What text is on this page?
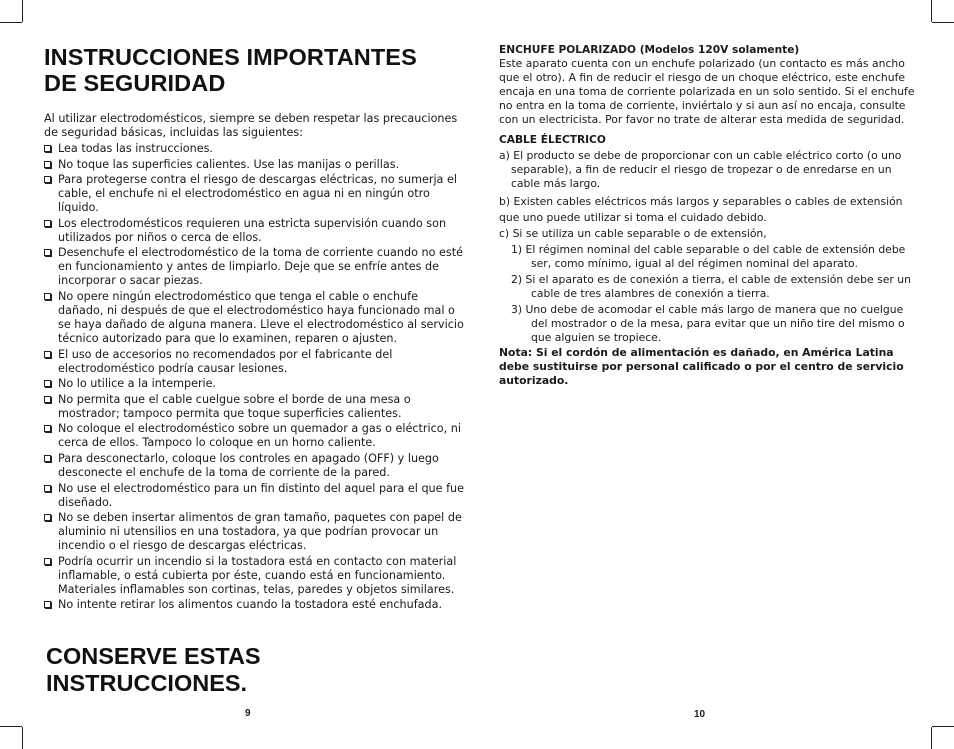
INSTRUCCIONES IMPORTANTES DE SEGURIDAD

Al utilizar electrodomésticos, siempre se deben respetar las precauciones de seguridad básicas, incluidas las siguientes:

Lea todas las instrucciones.
No toque las superficies calientes. Use las manijas o perillas.
Para protegerse contra el riesgo de descargas eléctricas, no sumerja el cable, el enchufe ni el electrodoméstico en agua ni en ningún otro líquido.
Los electrodomésticos requieren una estricta supervisión cuando son utilizados por niños o cerca de ellos.
Desenchufe el electrodoméstico de la toma de corriente cuando no esté en funcionamiento y antes de limpiarlo. Deje que se enfríe antes de incorporar o sacar piezas.
No opere ningún electrodoméstico que tenga el cable o enchufe dañado, ni después de que el electrodoméstico haya funcionado mal o se haya dañado de alguna manera. Lleve el electrodoméstico al servicio técnico autorizado para que lo examinen, reparen o ajusten.
El uso de accesorios no recomendados por el fabricante del electrodoméstico podría causar lesiones.
No lo utilice a la intemperie.
No permita que el cable cuelgue sobre el borde de una mesa o mostrador; tampoco permita que toque superficies calientes.
No coloque el electrodoméstico sobre un quemador a gas o eléctrico, ni cerca de ellos. Tampoco lo coloque en un horno caliente.
Para desconectarlo, coloque los controles en apagado (OFF) y luego desconecte el enchufe de la toma de corriente de la pared.
No use el electrodoméstico para un fin distinto del aquel para el que fue diseñado.
No se deben insertar alimentos de gran tamaño, paquetes con papel de aluminio ni utensilios en una tostadora, ya que podrían provocar un incendio o el riesgo de descargas eléctricas.
Podría ocurrir un incendio si la tostadora está en contacto con material inflamable, o está cubierta por éste, cuando está en funcionamiento. Materiales inflamables son cortinas, telas, paredes y objetos similares.
No intente retirar los alimentos cuando la tostadora esté enchufada.
CONSERVE ESTAS INSTRUCCIONES.
9

ENCHUFE POLARIZADO (Modelos 120V solamente)

Este aparato cuenta con un enchufe polarizado (un contacto es más ancho que el otro). A fin de reducir el riesgo de un choque eléctrico, este enchufe encaja en una toma de corriente polarizada en un solo sentido. Si el enchufe no entra en la toma de corriente, inviértalo y si aun así no encaja, consulte con un electricista. Por favor no trate de alterar esta medida de seguridad.

CABLE ÉLECTRICO

a) El producto se debe de proporcionar con un cable eléctrico corto (o uno separable), a fin de reducir el riesgo de tropezar o de enredarse en un cable más largo.

b) Existen cables eléctricos más largos y separables o cables de extensión que uno puede utilizar si toma el cuidado debido.

c) Si se utiliza un cable separable o de extensión,

1) El régimen nominal del cable separable o del cable de extensión debe ser, como mínimo, igual al del régimen nominal del aparato.

2) Si el aparato es de conexión a tierra, el cable de extensión debe ser un cable de tres alambres de conexión a tierra.

3) Uno debe de acomodar el cable más largo de manera que no cuelgue del mostrador o de la mesa, para evitar que un niño tire del mismo o que alguien se tropiece.

Nota: Si el cordón de alimentación es dañado, en América Latina debe sustituirse por personal calificado o por el centro de servicio autorizado.

10
